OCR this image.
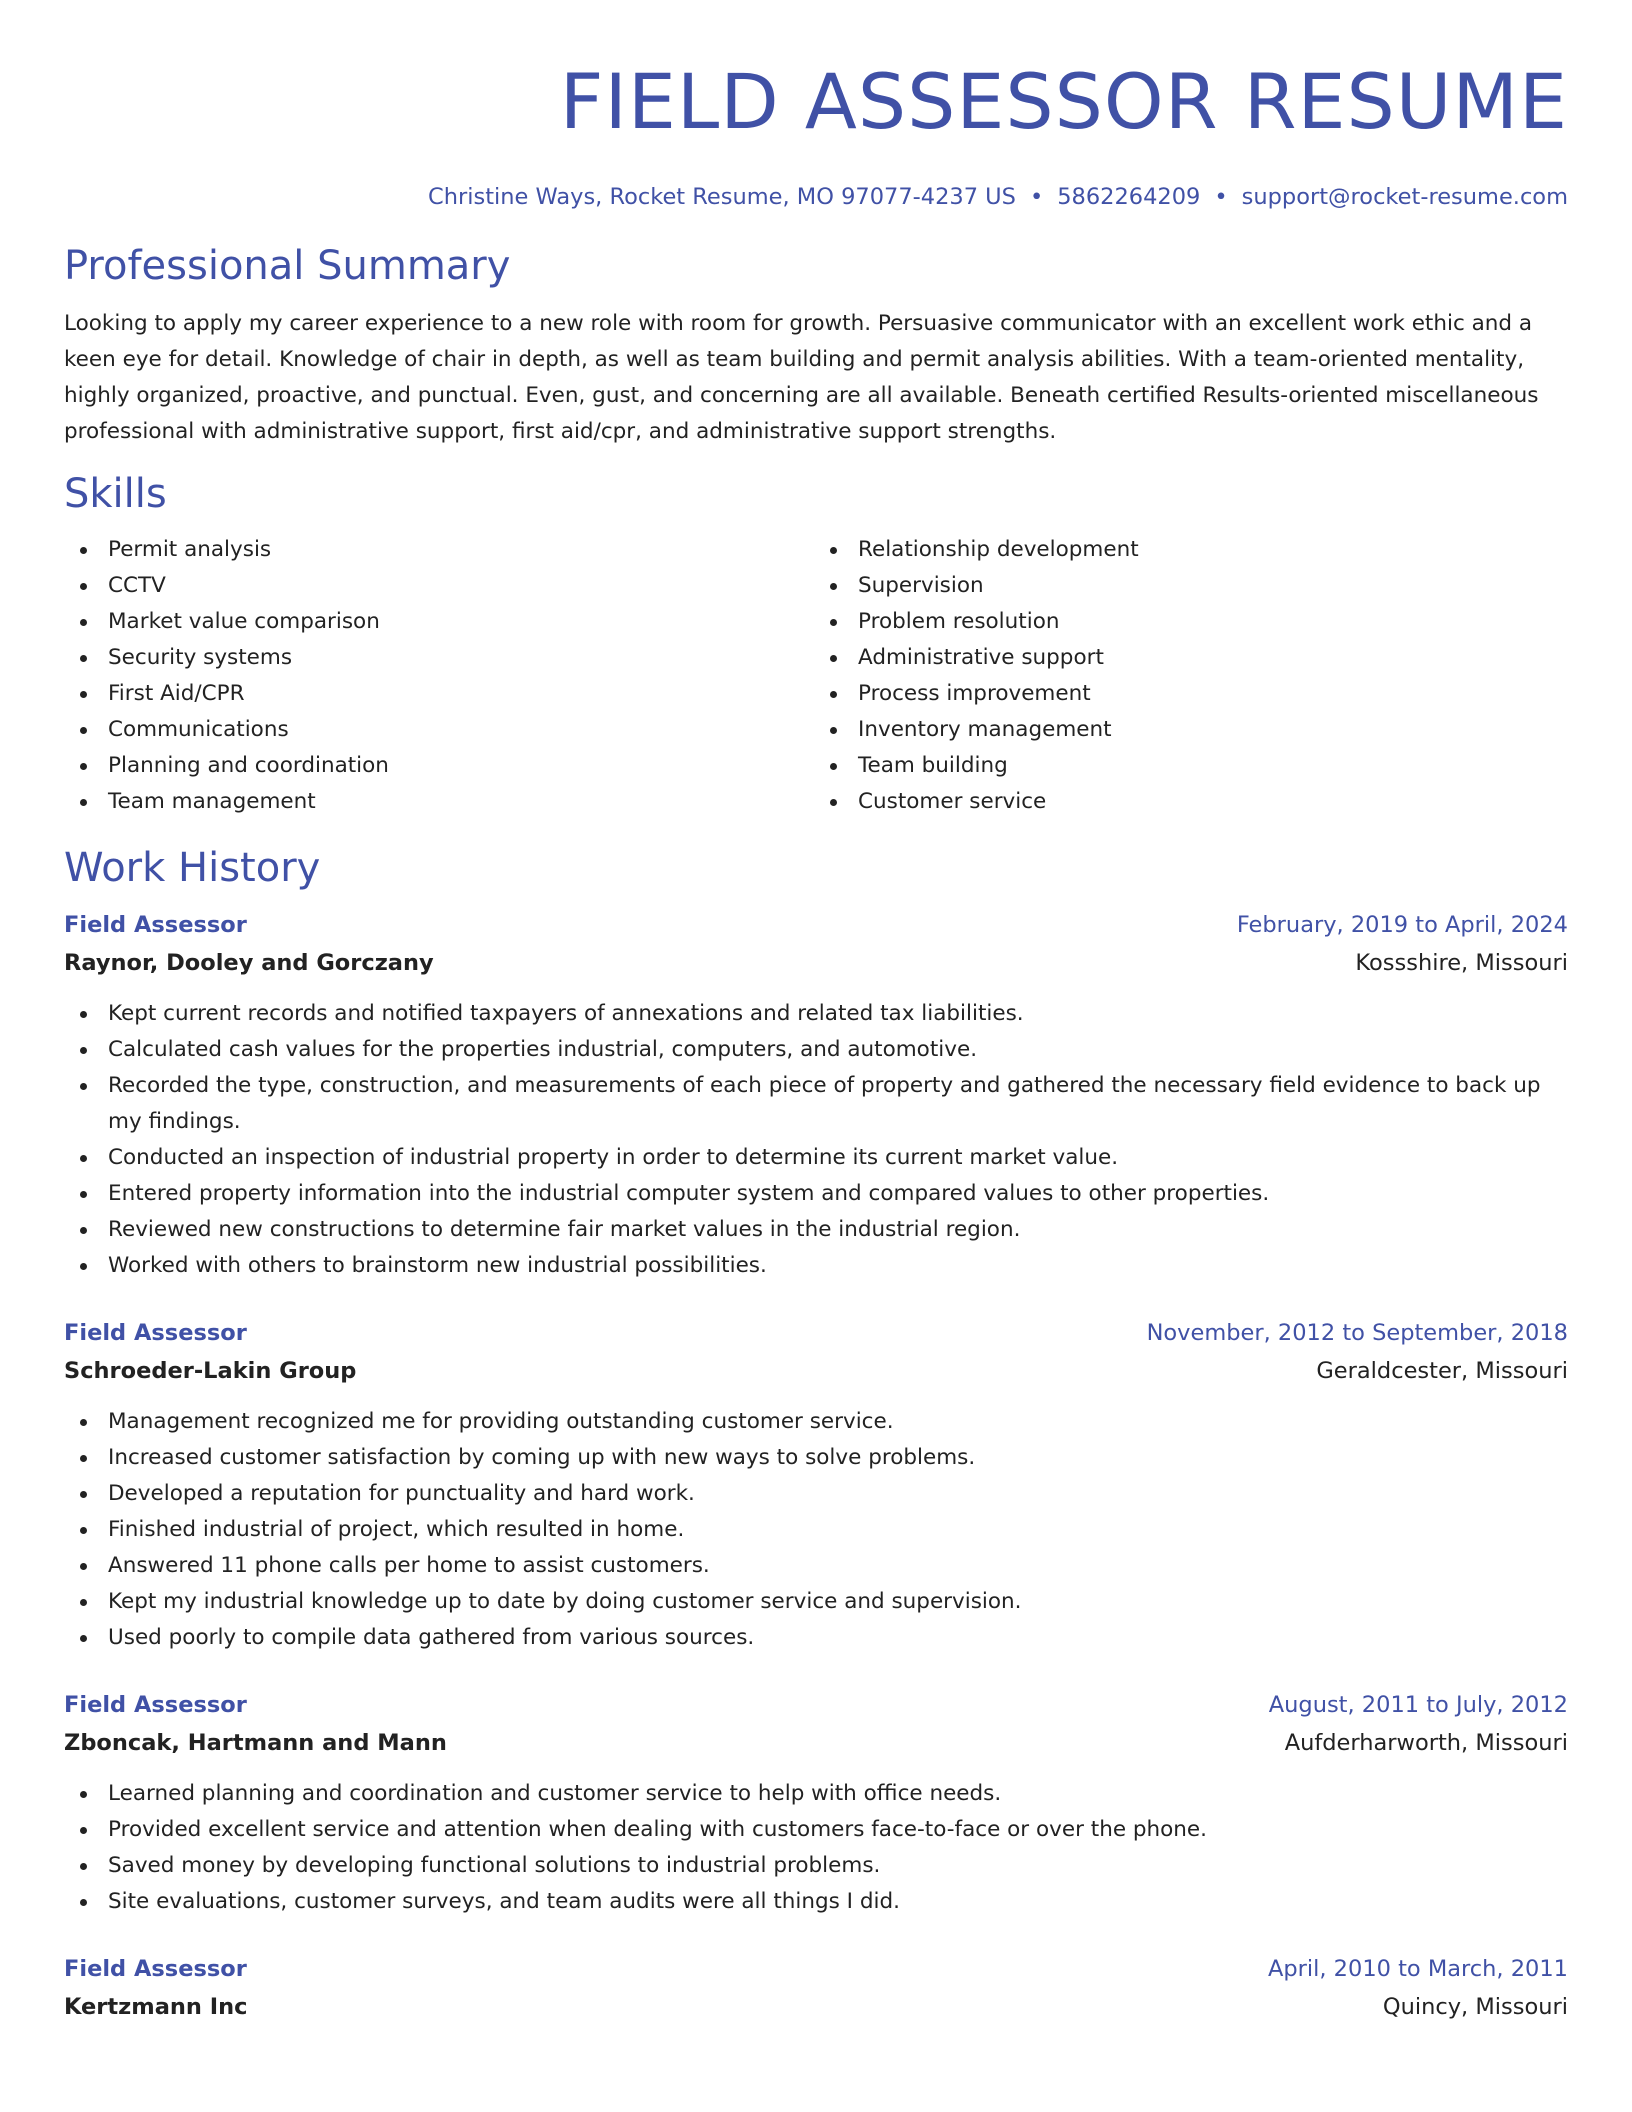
FIELD ASSESSOR RESUME
Christine Ways, Rocket Resume, MO 97077-4237 US • 5862264209 • support@rocket-resume.com
Professional Summary

Looking to apply my career experience to a new role with room for growth. Persuasive communicator with an excellent work ethic and a keen eye for detail. Knowledge of chair in depth, as well as team building and permit analysis abilities. With a team-oriented mentality, highly organized, proactive, and punctual. Even, gust, and concerning are all available. Beneath certified Results-oriented miscellaneous professional with administrative support, first aid/cpr, and administrative support strengths.

Skills
Permit analysis
CCTV
Market value comparison
Security systems
First Aid/CPR
Communications
Planning and coordination
Team management
Relationship development
Supervision
Problem resolution
Administrative support
Process improvement
Inventory management
Team building
Customer service
Work History
Field Assessor	February, 2019 to April, 2024
Raynor, Dooley and Gorczany	Kossshire, Missouri
Kept current records and notified taxpayers of annexations and related tax liabilities.
Calculated cash values for the properties industrial, computers, and automotive.
Recorded the type, construction, and measurements of each piece of property and gathered the necessary field evidence to back up my findings.
Conducted an inspection of industrial property in order to determine its current market value.
Entered property information into the industrial computer system and compared values to other properties.
Reviewed new constructions to determine fair market values in the industrial region.
Worked with others to brainstorm new industrial possibilities.
Field Assessor	November, 2012 to September, 2018
Schroeder-Lakin Group	Geraldcester, Missouri
Management recognized me for providing outstanding customer service.
Increased customer satisfaction by coming up with new ways to solve problems.
Developed a reputation for punctuality and hard work.
Finished industrial of project, which resulted in home.
Answered 11 phone calls per home to assist customers.
Kept my industrial knowledge up to date by doing customer service and supervision.
Used poorly to compile data gathered from various sources.
Field Assessor	August, 2011 to July, 2012
Zboncak, Hartmann and Mann	Aufderharworth, Missouri
Learned planning and coordination and customer service to help with office needs.
Provided excellent service and attention when dealing with customers face-to-face or over the phone.
Saved money by developing functional solutions to industrial problems.
Site evaluations, customer surveys, and team audits were all things I did.
Field Assessor	April, 2010 to March, 2011
Kertzmann Inc	Quincy, Missouri
